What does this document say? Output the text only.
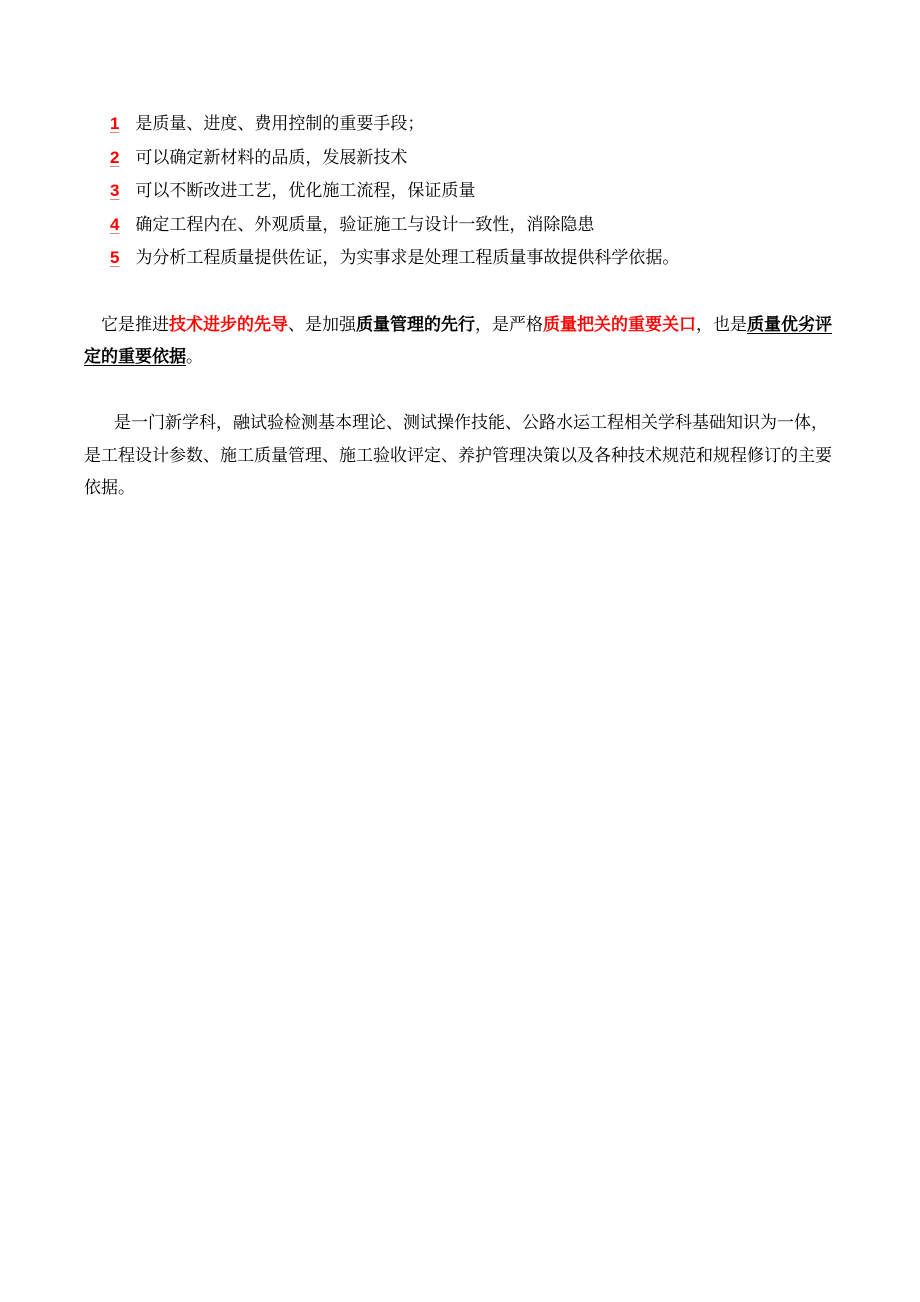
1 是质量、进度、费用控制的重要手段；
2 可以确定新材料的品质，发展新技术
3 可以不断改进工艺，优化施工流程，保证质量
4 确定工程内在、外观质量，验证施工与设计一致性，消除隐患
5 为分析工程质量提供佐证，为实事求是处理工程质量事故提供科学依据。
它是推进技术进步的先导、是加强质量管理的先行，是严格质量把关的重要关口，也是质量优劣评定的重要依据。
是一门新学科，融试验检测基本理论、测试操作技能、公路水运工程相关学科基础知识为一体，是工程设计参数、施工质量管理、施工验收评定、养护管理决策以及各种技术规范和规程修订的主要依据。
